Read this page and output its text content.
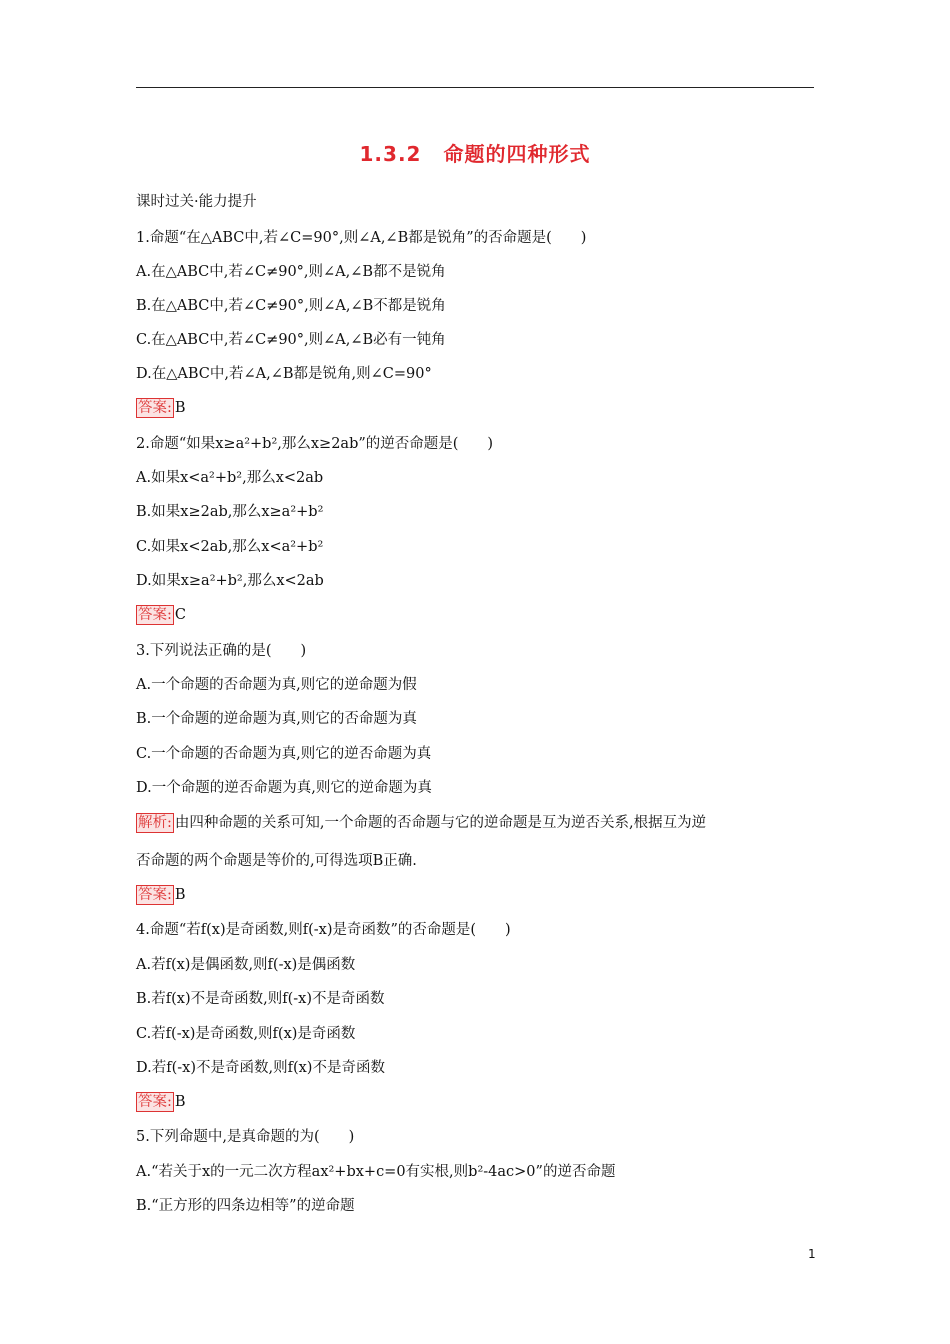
1.3.2 命题的四种形式
课时过关·能力提升
1.命题“在△ABC中,若∠C=90°,则∠A,∠B都是锐角”的否命题是(　　)
A.在△ABC中,若∠C≠90°,则∠A,∠B都不是锐角
B.在△ABC中,若∠C≠90°,则∠A,∠B不都是锐角
C.在△ABC中,若∠C≠90°,则∠A,∠B必有一钝角
D.在△ABC中,若∠A,∠B都是锐角,则∠C=90°
2.命题“如果x≥a²+b²,那么x≥2ab”的逆否命题是(　　)
A.如果x<a²+b²,那么x<2ab
B.如果x≥2ab,那么x≥a²+b²
C.如果x<2ab,那么x<a²+b²
D.如果x≥a²+b²,那么x<2ab
3.下列说法正确的是(　　)
A.一个命题的否命题为真,则它的逆命题为假
B.一个命题的逆命题为真,则它的否命题为真
C.一个命题的否命题为真,则它的逆否命题为真
D.一个命题的逆否命题为真,则它的逆命题为真
否命题的两个命题是等价的,可得选项B正确.
4.命题“若f(x)是奇函数,则f(-x)是奇函数”的否命题是(　　)
A.若f(x)是偶函数,则f(-x)是偶函数
B.若f(x)不是奇函数,则f(-x)不是奇函数
C.若f(-x)是奇函数,则f(x)是奇函数
D.若f(-x)不是奇函数,则f(x)不是奇函数
5.下列命题中,是真命题的为(　　)
A.“若关于x的一元二次方程ax²+bx+c=0有实根,则b²-4ac>0”的逆否命题
B.“正方形的四条边相等”的逆命题
答案: B
答案: C
解析: 由四种命题的关系可知,一个命题的否命题与它的逆命题是互为逆否关系,根据互为逆
答案: B
答案: B
1
